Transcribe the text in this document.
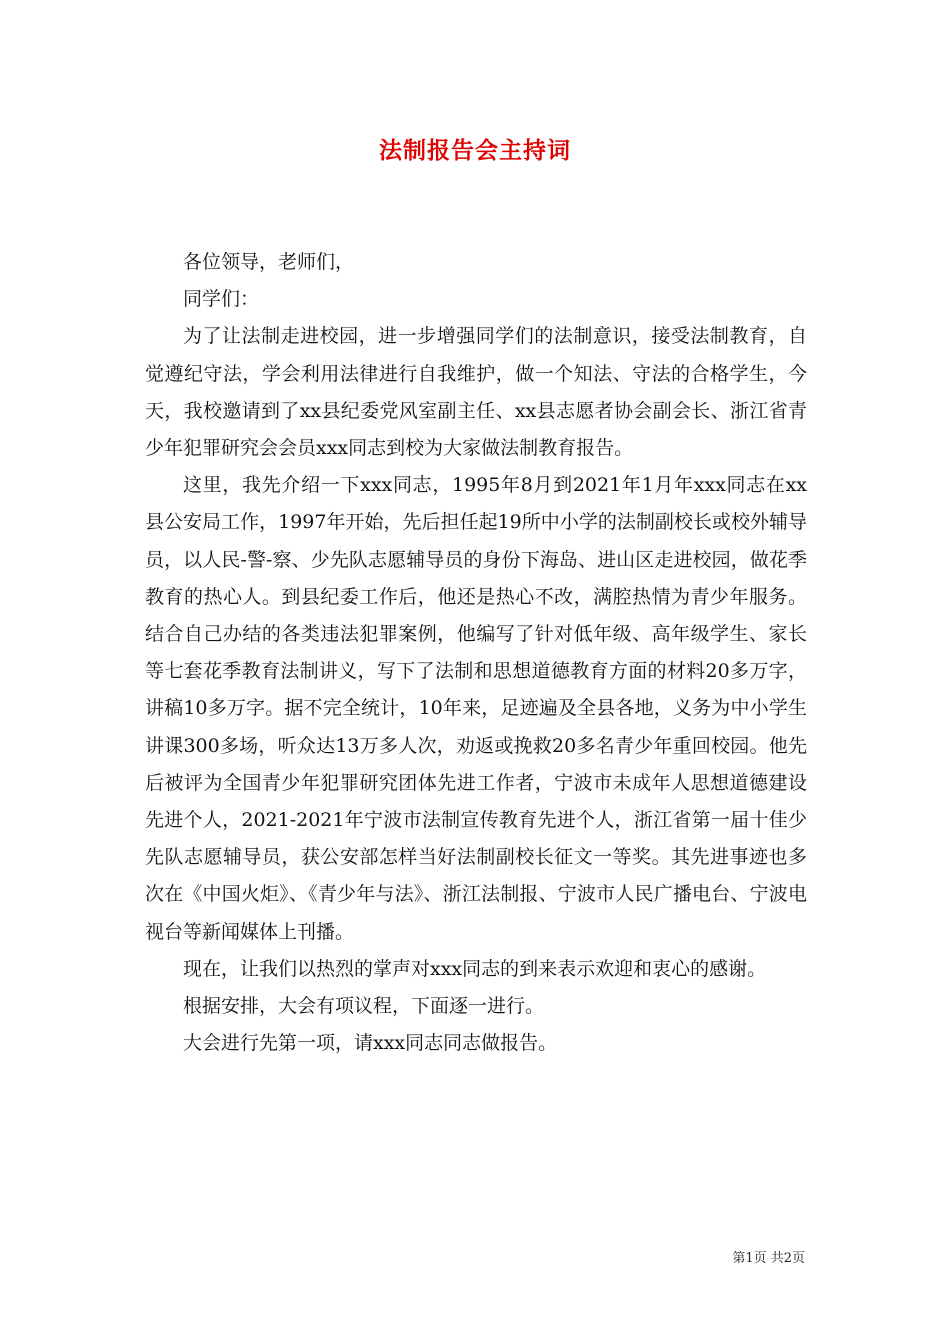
法制报告会主持词

各位领导，老师们，

同学们：

为了让法制走进校园，进一步增强同学们的法制意识，接受法制教育，自觉遵纪守法，学会利用法律进行自我维护，做一个知法、守法的合格学生，今天，我校邀请到了xx县纪委党风室副主任、xx县志愿者协会副会长、浙江省青少年犯罪研究会会员xxx同志到校为大家做法制教育报告。

这里，我先介绍一下xxx同志，1995年8月到2021年1月年xxx同志在xx县公安局工作，1997年开始，先后担任起19所中小学的法制副校长或校外辅导员，以人民-警-察、少先队志愿辅导员的身份下海岛、进山区走进校园，做花季教育的热心人。到县纪委工作后，他还是热心不改，满腔热情为青少年服务。结合自己办结的各类违法犯罪案例，他编写了针对低年级、高年级学生、家长等七套花季教育法制讲义，写下了法制和思想道德教育方面的材料20多万字，讲稿10多万字。据不完全统计，10年来，足迹遍及全县各地，义务为中小学生讲课300多场，听众达13万多人次，劝返或挽救20多名青少年重回校园。他先后被评为全国青少年犯罪研究团体先进工作者，宁波市未成年人思想道德建设先进个人，2021-2021年宁波市法制宣传教育先进个人，浙江省第一届十佳少先队志愿辅导员，获公安部怎样当好法制副校长征文一等奖。其先进事迹也多次在《中国火炬》、《青少年与法》、浙江法制报、宁波市人民广播电台、宁波电视台等新闻媒体上刊播。

现在，让我们以热烈的掌声对xxx同志的到来表示欢迎和衷心的感谢。

根据安排，大会有项议程，下面逐一进行。

大会进行先第一项，请xxx同志同志做报告。

第1页 共2页
